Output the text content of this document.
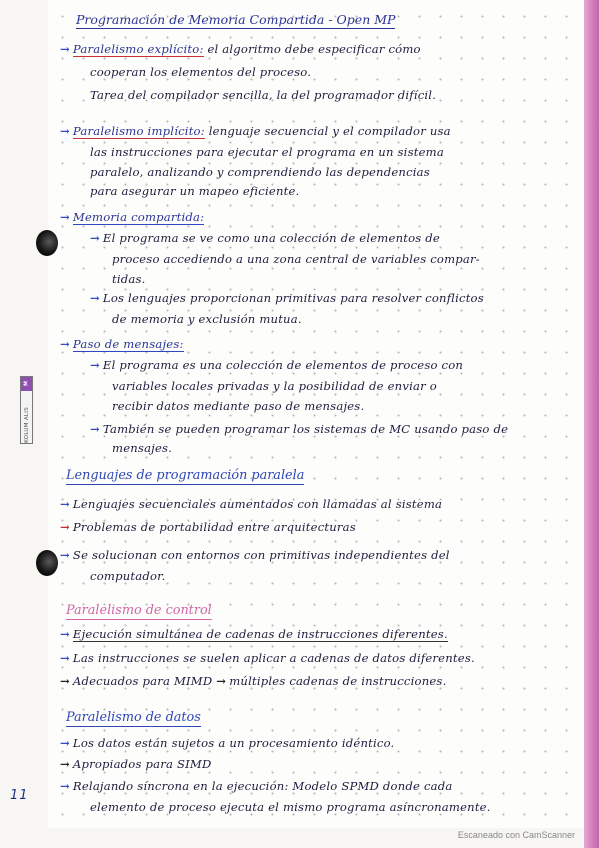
M
KOLUM ALIS
Programación de Memoria Compartida - Open MP
→ Paralelismo explícito: el algoritmo debe especificar cómo
cooperan los elementos del proceso.
Tarea del compilador sencilla, la del programador difícil.
→ Paralelismo implícito: lenguaje secuencial y el compilador usa
las instrucciones para ejecutar el programa en un sistema
paralelo, analizando y comprendiendo las dependencias
para asegurar un mapeo eficiente.
→ Memoria compartida:
→ El programa se ve como una colección de elementos de
proceso accediendo a una zona central de variables compar-
tidas.
→ Los lenguajes proporcionan primitivas para resolver conflictos
de memoria y exclusión mutua.
→ Paso de mensajes:
→ El programa es una colección de elementos de proceso con
variables locales privadas y la posibilidad de enviar o
recibir datos mediante paso de mensajes.
→ También se pueden programar los sistemas de MC usando paso de
mensajes.
Lenguajes de programación paralela
→ Lenguajes secuenciales aumentados con llamadas al sistema
→ Problemas de portabilidad entre arquitecturas
→ Se solucionan con entornos con primitivas independientes del
computador.
Paralelismo de control
→ Ejecución simultánea de cadenas de instrucciones diferentes.
→ Las instrucciones se suelen aplicar a cadenas de datos diferentes.
→ Adecuados para MIMD → múltiples cadenas de instrucciones.
Paralelismo de datos
→ Los datos están sujetos a un procesamiento idéntico.
→ Apropiados para SIMD
→ Relajando síncrona en la ejecución: Modelo SPMD donde cada
elemento de proceso ejecuta el mismo programa asíncronamente.
11
Escaneado con CamScanner
